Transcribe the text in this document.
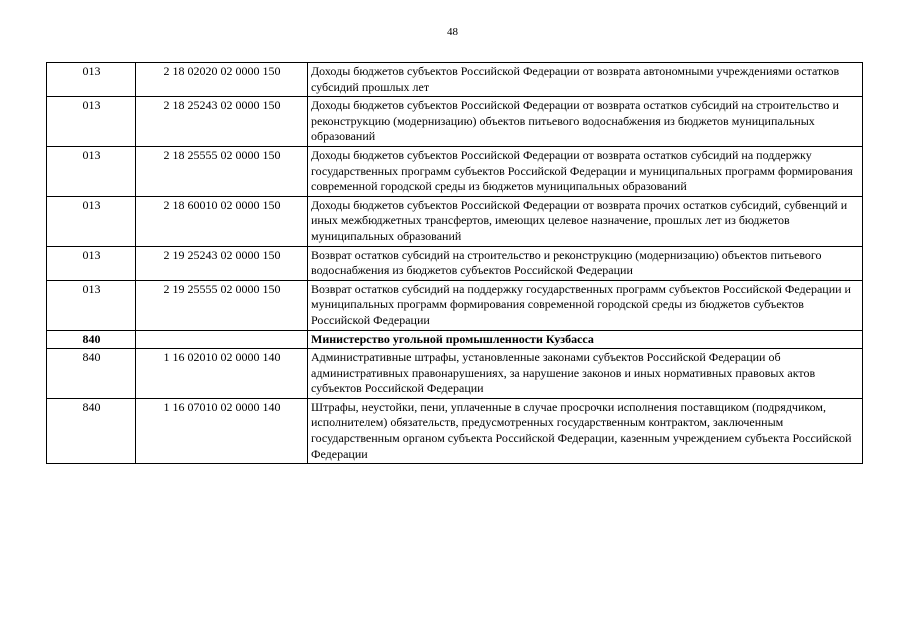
48
013	2 18 02020 02 0000 150	Доходы бюджетов субъектов Российской Федерации от возврата автономными учреждениями остатков субсидий прошлых лет
013	2 18 25243 02 0000 150	Доходы бюджетов субъектов Российской Федерации от возврата остатков субсидий на строительство и реконструкцию (модернизацию) объектов питьевого водоснабжения из бюджетов муниципальных образований
013	2 18 25555 02 0000 150	Доходы бюджетов субъектов Российской Федерации от возврата остатков субсидий на поддержку государственных программ субъектов Российской Федерации и муниципальных программ формирования современной городской среды из бюджетов муниципальных образований
013	2 18 60010 02 0000 150	Доходы бюджетов субъектов Российской Федерации от возврата прочих остатков субсидий, субвенций и иных межбюджетных трансфертов, имеющих целевое назначение, прошлых лет из бюджетов муниципальных образований
013	2 19 25243 02 0000 150	Возврат остатков субсидий на строительство и реконструкцию (модернизацию) объектов питьевого водоснабжения из бюджетов субъектов Российской Федерации
013	2 19 25555 02 0000 150	Возврат остатков субсидий на поддержку государственных программ субъектов Российской Федерации и муниципальных программ формирования современной городской среды из бюджетов субъектов Российской Федерации
840		Министерство угольной промышленности Кузбасса
840	1 16 02010 02 0000 140	Административные штрафы, установленные законами субъектов Российской Федерации об административных правонарушениях, за нарушение законов и иных нормативных правовых актов субъектов Российской Федерации
840	1 16 07010 02 0000 140	Штрафы, неустойки, пени, уплаченные в случае просрочки исполнения поставщиком (подрядчиком, исполнителем) обязательств, предусмотренных государственным контрактом, заключенным государственным органом субъекта Российской Федерации, казенным учреждением субъекта Российской Федерации
